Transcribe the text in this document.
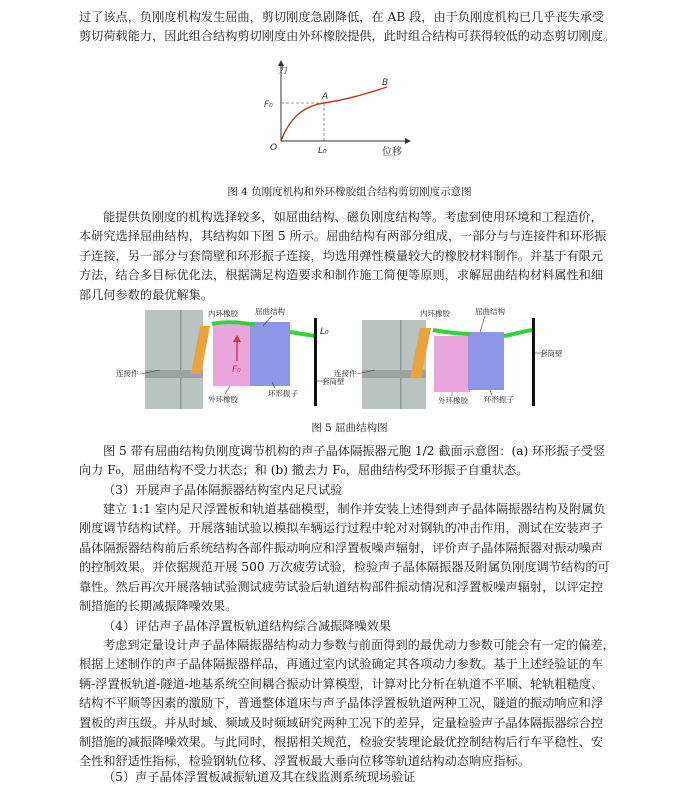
过了该点，负刚度机构发生屈曲，剪切刚度急剧降低，在 AB 段，由于负刚度机构已几乎丧失承受
剪切荷载能力，因此组合结构剪切刚度由外环橡胶提供，此时组合结构可获得较低的动态剪切刚度。
力
位移
O
F₀
L₀
A
B

图 4 负刚度机构和外环橡胶组合结构剪切刚度示意图

能提供负刚度的机构选择较多，如屈曲结构、磁负刚度结构等。考虑到使用环境和工程造价，
本研究选择屈曲结构，其结构如下图 5 所示。屈曲结构有两部分组成，一部分与与连接件和环形振
子连接，另一部分与套筒壁和环形振子连接，均选用弹性模量较大的橡胶材料制作。并基于有限元
方法，结合多目标优化法，根据满足构造要求和制作施工简便等原则，求解屈曲结构材料属性和细
部几何参数的最优解集。
F₀
L₀
内环橡胶 屈曲结构
连接件
套筒壁
外环橡胶
环形振子
内环橡胶	屈曲结构
连接件
套筒壁
外环橡胶 环形振子

图 5 屈曲结构图

图 5 带有屈曲结构负刚度调节机构的声子晶体隔振器元胞 1/2 截面示意图：(a) 环形振子受竖
向力 F₀，屈曲结构不受力状态；和 (b) 撤去力 F₀，屈曲结构受环形振子自重状态。

（3）开展声子晶体隔振器结构室内足尺试验

建立 1:1 室内足尺浮置板和轨道基础模型，制作并安装上述得到声子晶体隔振器结构及附属负
刚度调节结构试样。开展落轴试验以模拟车辆运行过程中轮对对钢轨的冲击作用，测试在安装声子
晶体隔振器结构前后系统结构各部件振动响应和浮置板噪声辐射，评价声子晶体隔振器对振动噪声
的控制效果。并依据规范开展 500 万次疲劳试验，检验声子晶体隔振器及附属负刚度调节结构的可
靠性。然后再次开展落轴试验测试疲劳试验后轨道结构部件振动情况和浮置板噪声辐射，以评定控
制措施的长期减振降噪效果。

（4）评估声子晶体浮置板轨道结构综合减振降噪效果

考虑到定量设计声子晶体隔振器结构动力参数与前面得到的最优动力参数可能会有一定的偏差，
根据上述制作的声子晶体隔振器样品，再通过室内试验确定其各项动力参数。基于上述经验证的车
辆-浮置板轨道-隧道-地基系统空间耦合振动计算模型，计算对比分析在轨道不平顺、轮轨粗糙度、
结构不平顺等因素的激励下，普通整体道床与声子晶体浮置板轨道两种工况，隧道的振动响应和浮
置板的声压级。并从时域、频域及时频域研究两种工况下的差异，定量检验声子晶体隔振器综合控
制措施的减振降噪效果。与此同时，根据相关规范，检验安装理论最优控制结构后行车平稳性、安
全性和舒适性指标，检验钢轨位移、浮置板最大垂向位移等轨道结构动态响应指标。

（5）声子晶体浮置板减振轨道及其在线监测系统现场验证
